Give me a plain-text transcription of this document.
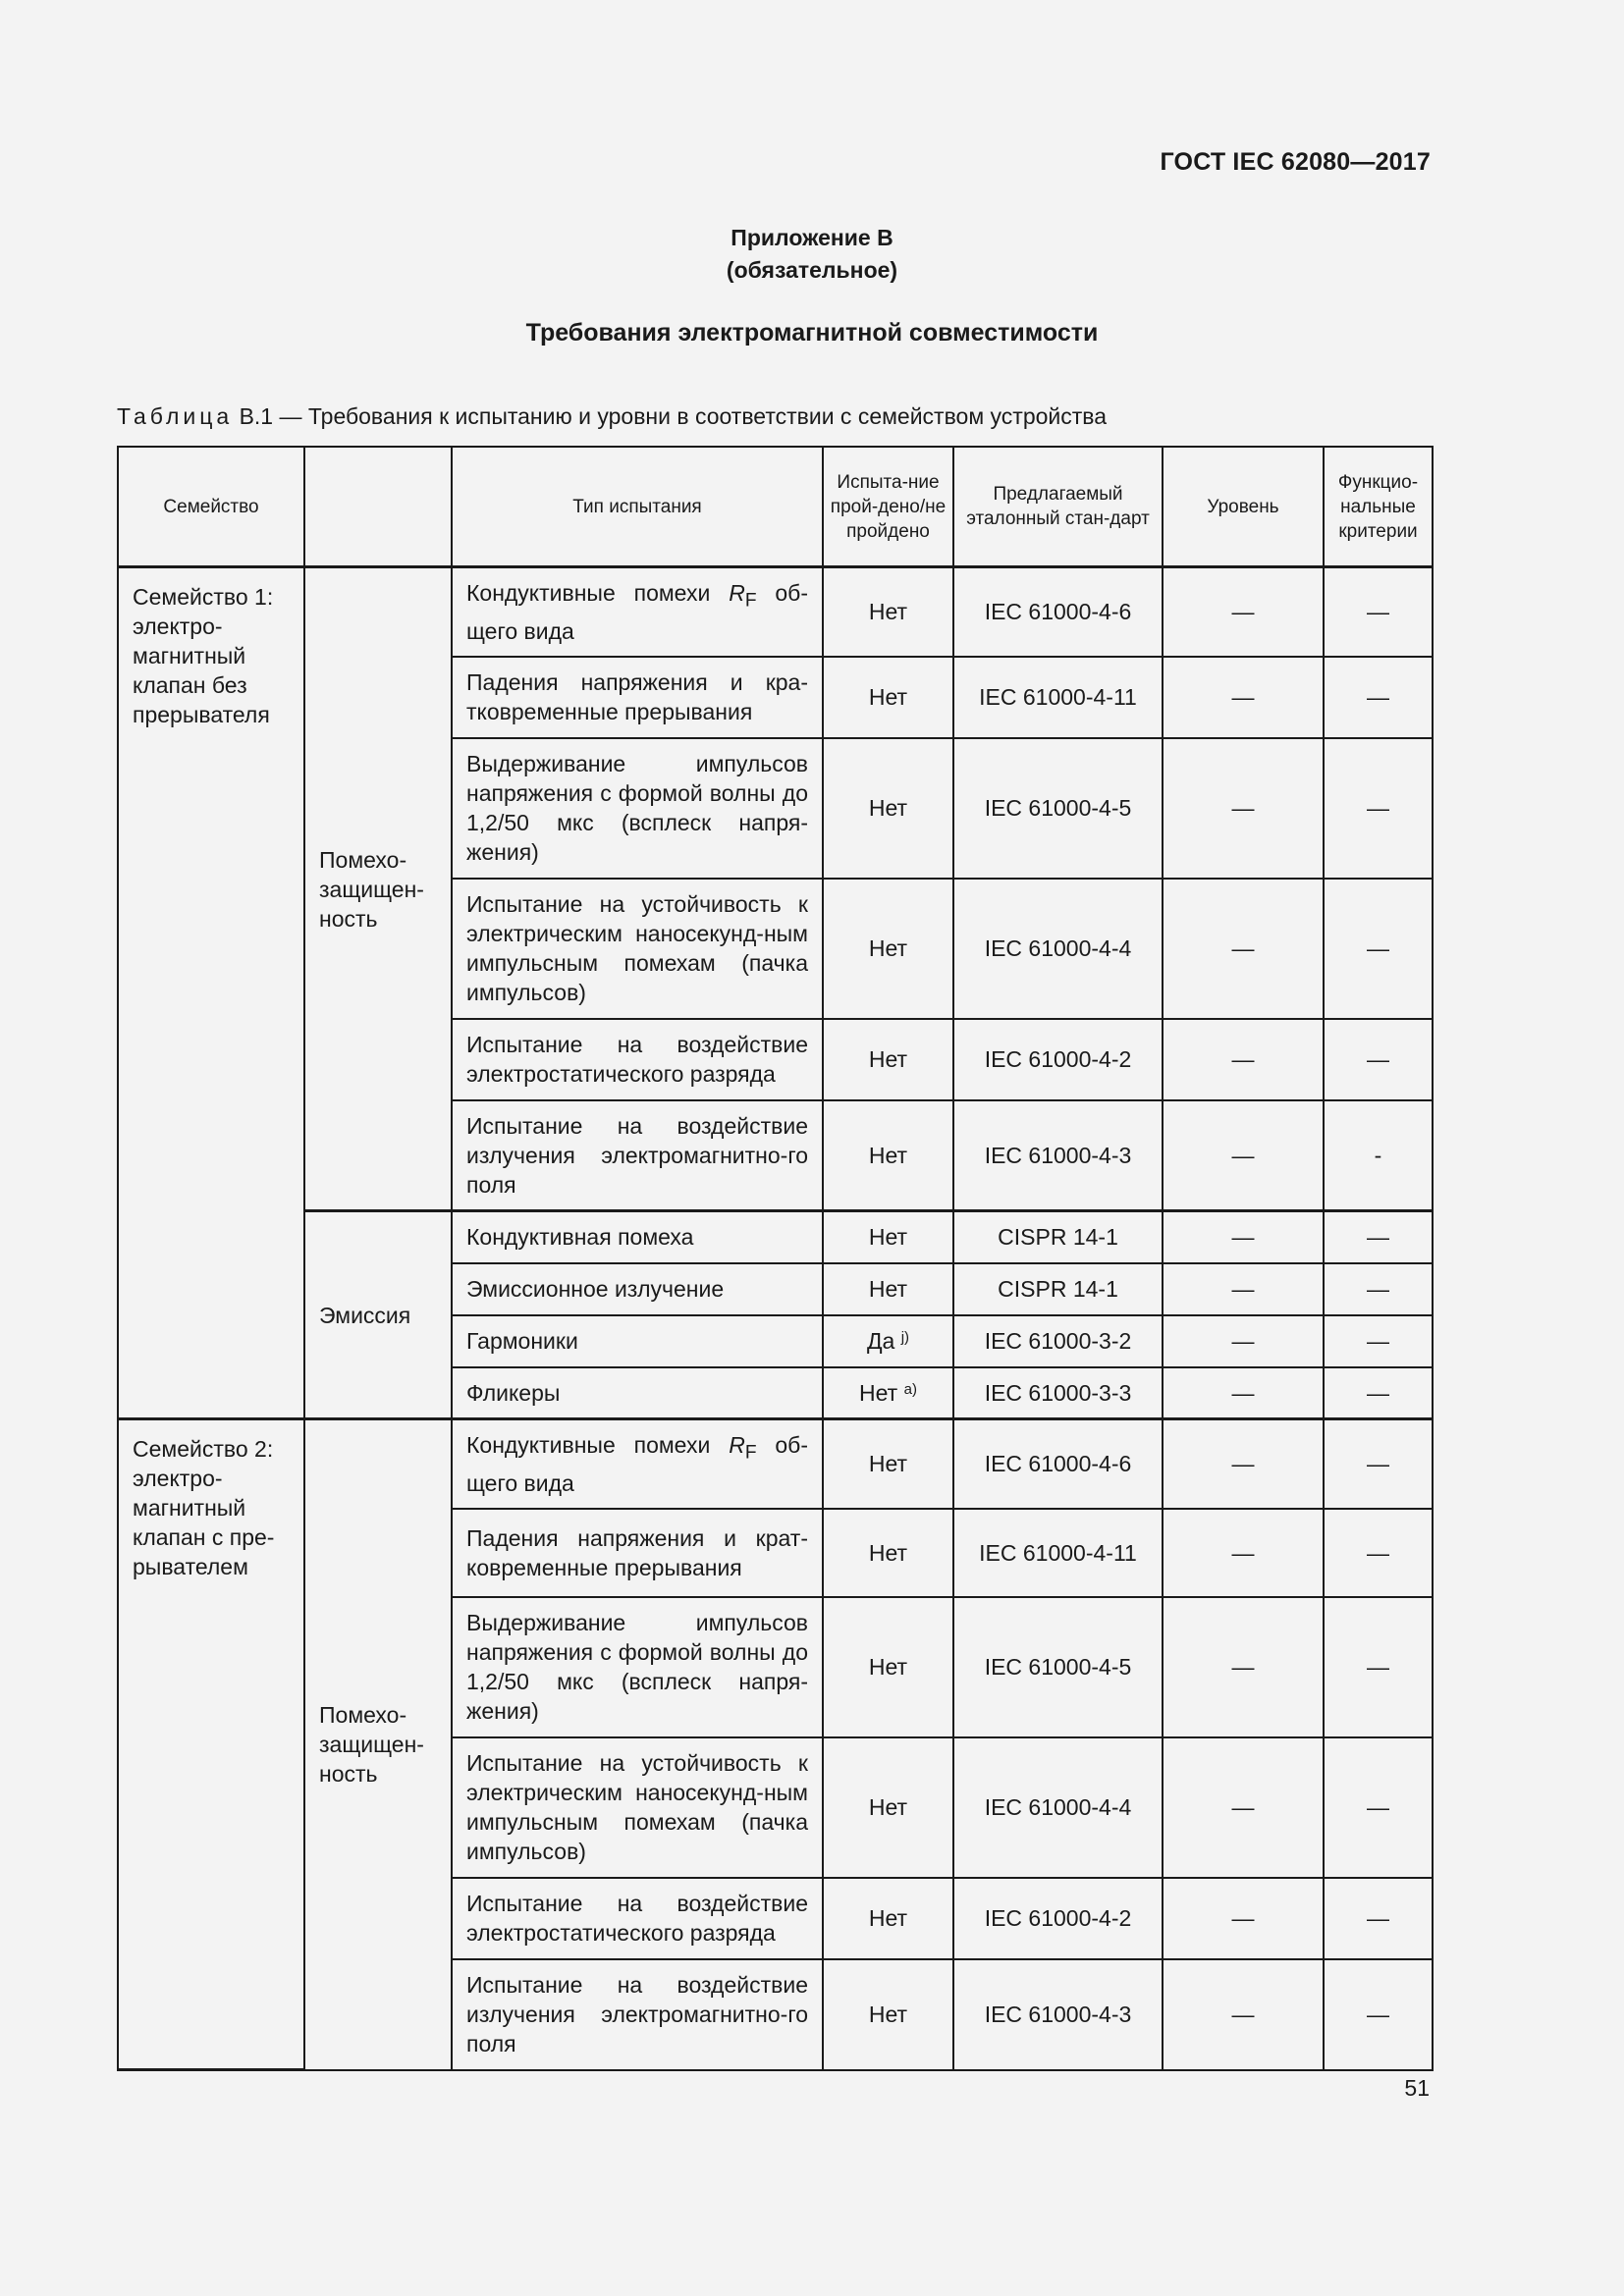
ГОСТ IEC 62080—2017
Приложение В
(обязательное)
Требования электромагнитной совместимости
Таблица В.1 — Требования к испытанию и уровни в соответствии с семейством устройства
Семейство		Тип испытания	Испыта-ние прой-дено/не пройдено	Предлагаемый эталонный стан-дарт	Уровень	Функцио-нальные критерии
Семейство 1: электро-магнитный клапан без прерывателя	Помехо-защищен-ность	Кондуктивные помехи $R_F$ об-щего вида	Нет	IEC 61000-4-6	—	—
		Падения напряжения и кра-тковременные прерывания	Нет	IEC 61000-4-11	—	—
		Выдерживание импульсов напряжения с формой волны до 1,2/50 мкс (всплеск напря-жения)	Нет	IEC 61000-4-5	—	—
		Испытание на устойчивость к электрическим наносекунд-ным импульсным помехам (пачка импульсов)	Нет	IEC 61000-4-4	—	—
		Испытание на воздействие электростатического разряда	Нет	IEC 61000-4-2	—	—
		Испытание на воздействие излучения электромагнитно-го поля	Нет	IEC 61000-4-3	—	-
	Эмиссия	Кондуктивная помеха	Нет	CISPR 14-1	—	—
		Эмиссионное излучение	Нет	CISPR 14-1	—	—
		Гармоники	Да $^{j)}$	IEC 61000-3-2	—	—
		Фликеры	Нет $^{a)}$	IEC 61000-3-3	—	—
Семейство 2: электро-магнитный клапан с пре-рывателем	Помехо-защищен-ность	Кондуктивные помехи $R_F$ об-щего вида	Нет	IEC 61000-4-6	—	—
		Падения напряжения и крат-ковременные прерывания	Нет	IEC 61000-4-11	—	—
		Выдерживание импульсов напряжения с формой волны до 1,2/50 мкс (всплеск напря-жения)	Нет	IEC 61000-4-5	—	—
		Испытание на устойчивость к электрическим наносекунд-ным импульсным помехам (пачка импульсов)	Нет	IEC 61000-4-4	—	—
		Испытание на воздействие электростатического разряда	Нет	IEC 61000-4-2	—	—
		Испытание на воздействие излучения электромагнитно-го поля	Нет	IEC 61000-4-3	—	—
51
